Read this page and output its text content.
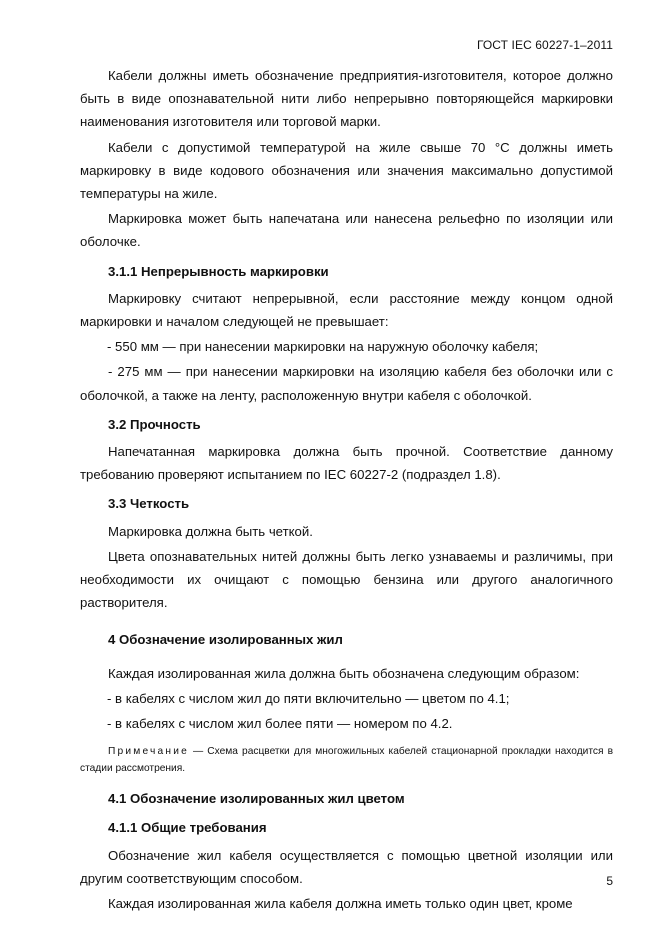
ГОСТ IEC 60227-1–2011

Кабели должны иметь обозначение предприятия-изготовителя, которое должно быть в виде опознавательной нити либо непрерывно повторяющейся маркировки наименования изготовителя или торговой марки.

Кабели с допустимой температурой на жиле свыше 70 °С должны иметь маркировку в виде кодового обозначения или значения максимально допустимой температуры на жиле.

Маркировка может быть напечатана или нанесена рельефно по изоляции или оболочке.

3.1.1 Непрерывность маркировки

Маркировку считают непрерывной, если расстояние между концом одной маркировки и началом следующей не превышает:

- 550 мм — при нанесении маркировки на наружную оболочку кабеля;

- 275 мм — при нанесении маркировки на изоляцию кабеля без оболочки или с оболочкой, а также на ленту, расположенную внутри кабеля с оболочкой.

3.2 Прочность

Напечатанная маркировка должна быть прочной. Соответствие данному требованию проверяют испытанием по IEC 60227-2 (подраздел 1.8).

3.3 Четкость

Маркировка должна быть четкой.

Цвета опознавательных нитей должны быть легко узнаваемы и различимы, при необходимости их очищают с помощью бензина или другого аналогичного растворителя.

4 Обозначение изолированных жил

Каждая изолированная жила должна быть обозначена следующим образом:

- в кабелях с числом жил до пяти включительно — цветом по 4.1;

- в кабелях с числом жил более пяти — номером по 4.2.

Примечание — Схема расцветки для многожильных кабелей стационарной прокладки находится в стадии рассмотрения.

4.1 Обозначение изолированных жил цветом
4.1.1 Общие требования

Обозначение жил кабеля осуществляется с помощью цветной изоляции или другим соответствующим способом.

Каждая изолированная жила кабеля должна иметь только один цвет, кроме

5
